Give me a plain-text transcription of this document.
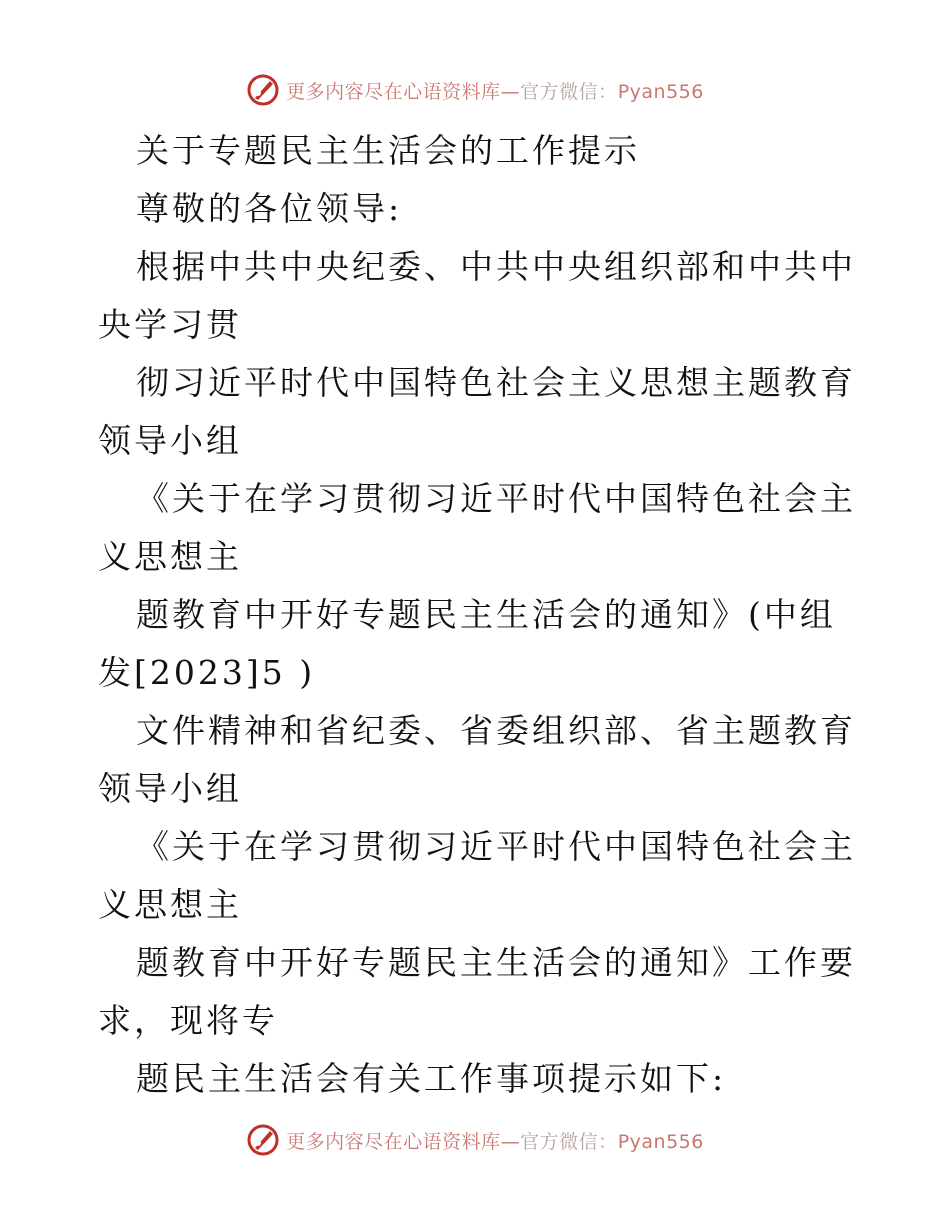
更多内容尽在心语资料库—官方微信：Pyan556

关于专题民主生活会的工作提示

尊敬的各位领导:

根据中共中央纪委、中共中央组织部和中共中央学习贯

彻习近平时代中国特色社会主义思想主题教育领导小组

《关于在学习贯彻习近平时代中国特色社会主义思想主

题教育中开好专题民主生活会的通知》(中组发[2023]5 )

文件精神和省纪委、省委组织部、省主题教育领导小组

《关于在学习贯彻习近平时代中国特色社会主义思想主

题教育中开好专题民主生活会的通知》工作要求，现将专

题民主生活会有关工作事项提示如下:

更多内容尽在心语资料库—官方微信：Pyan556
